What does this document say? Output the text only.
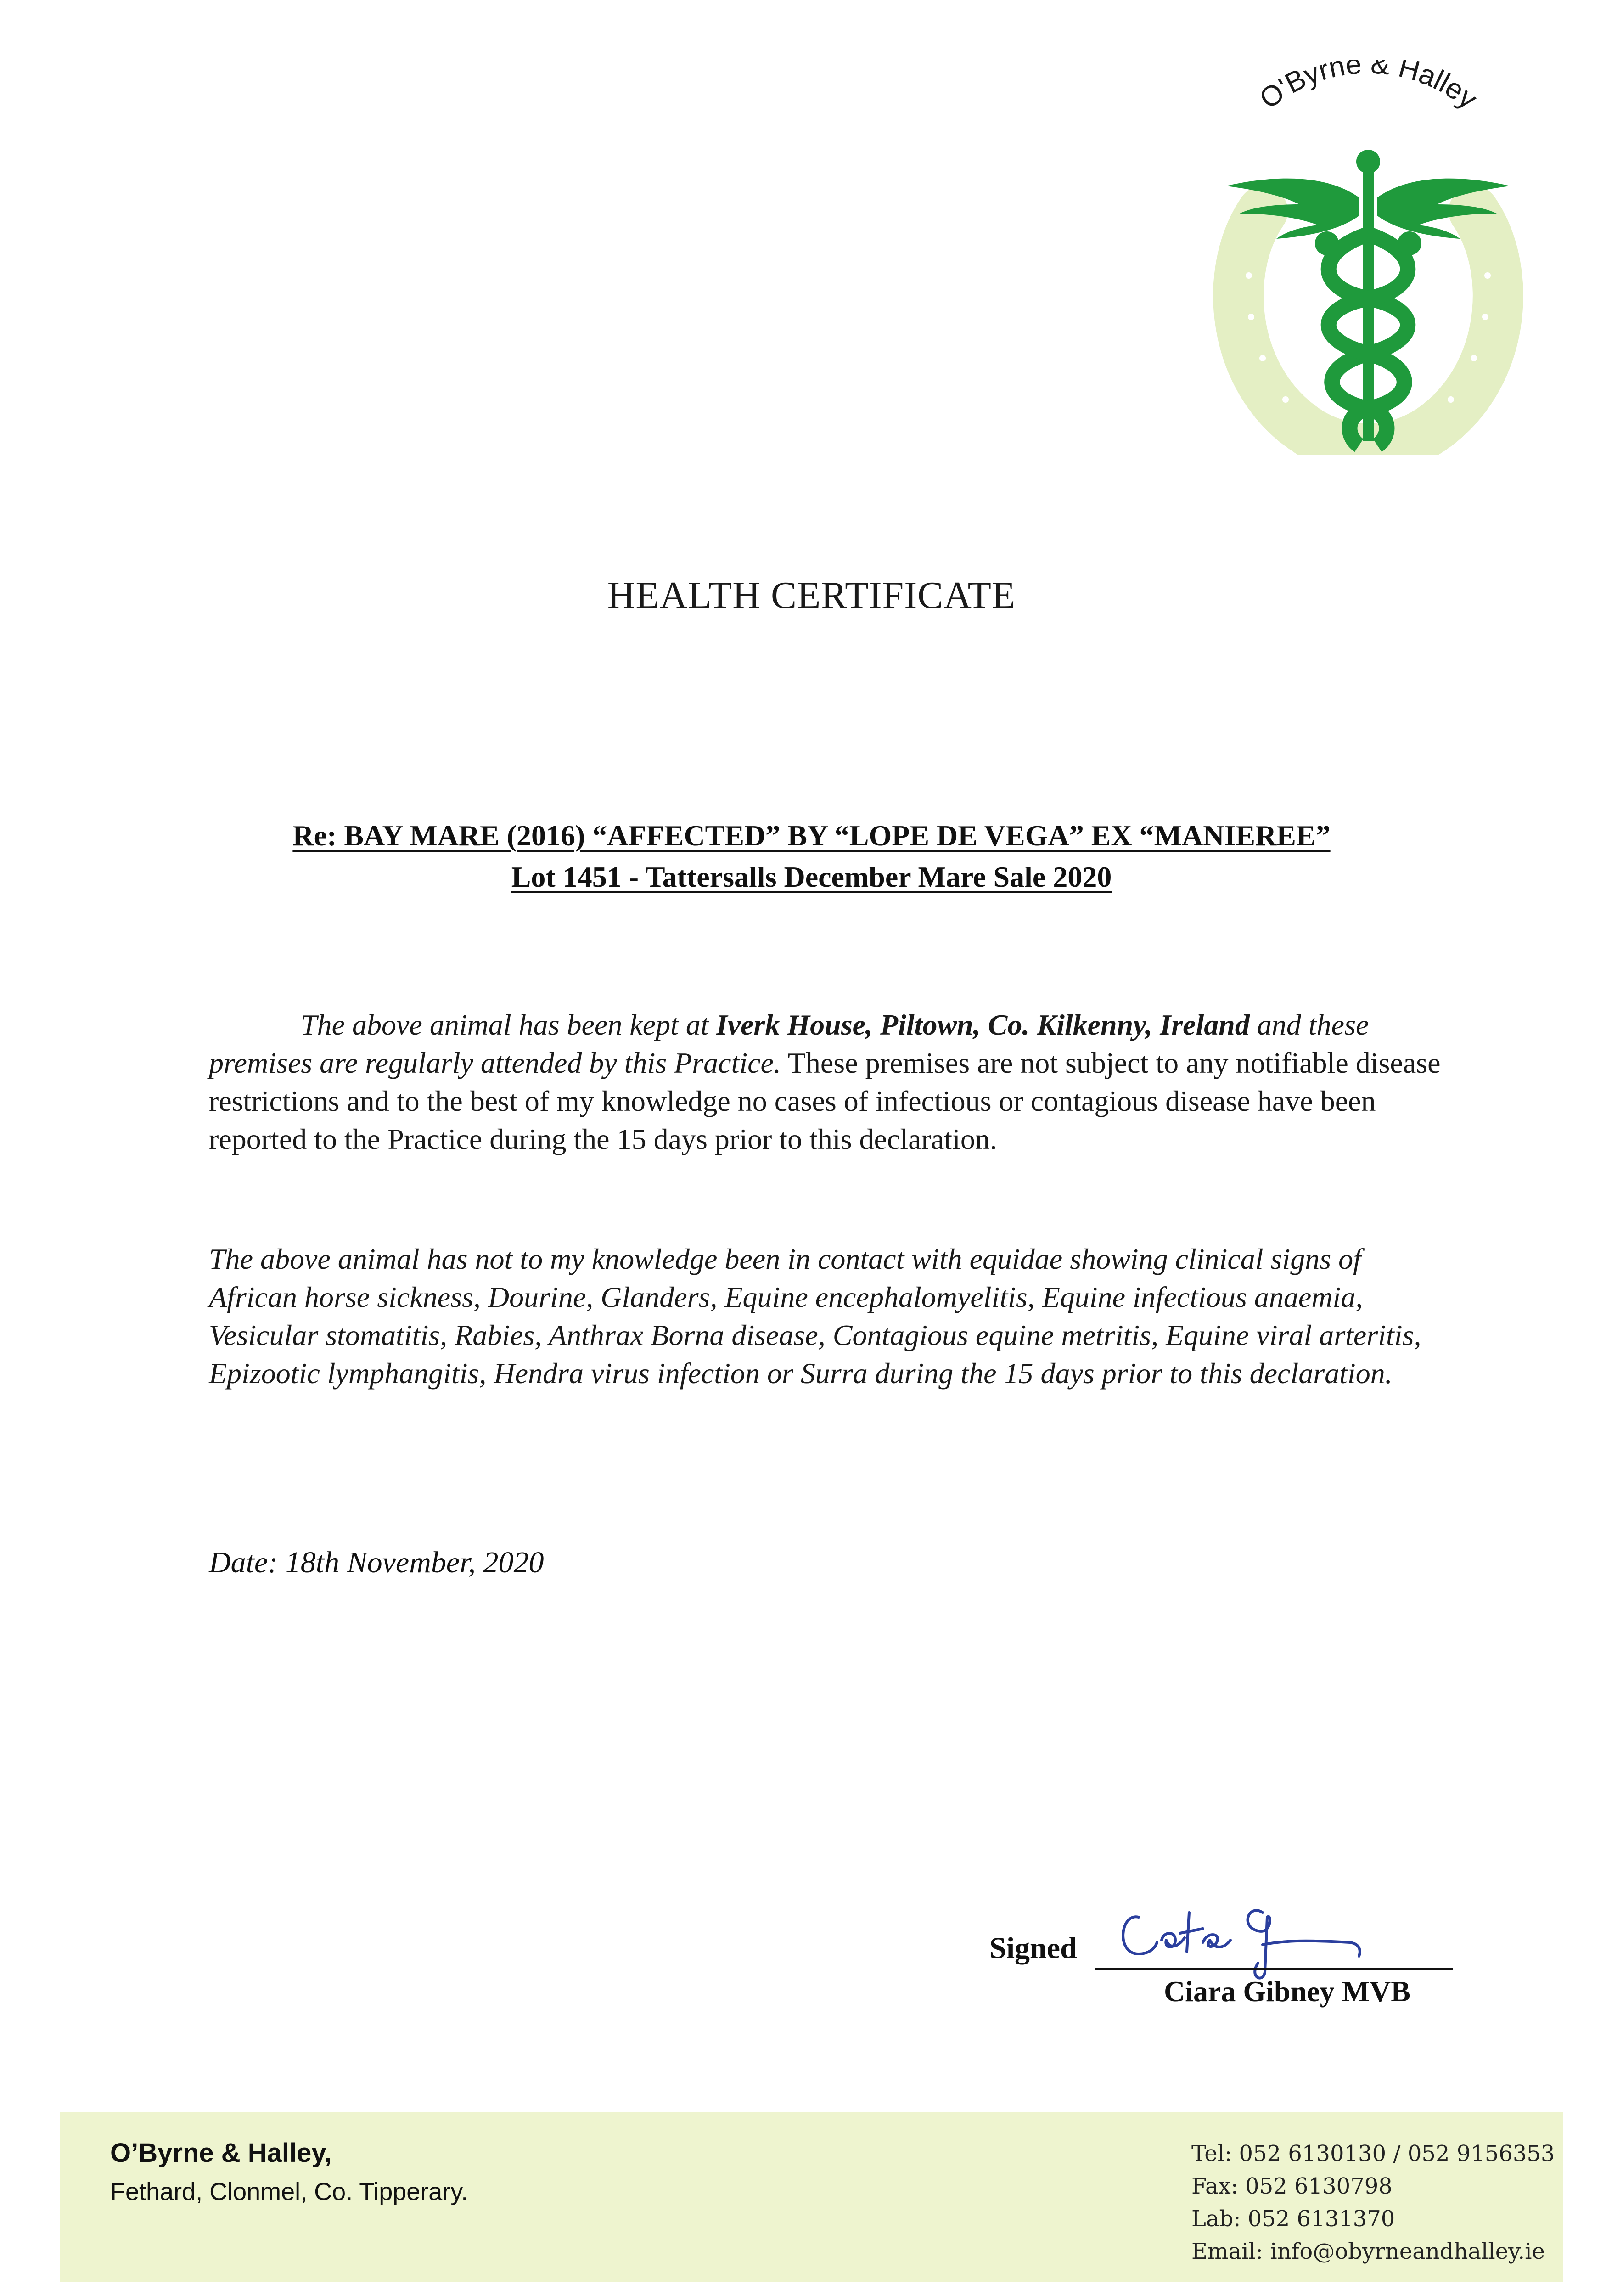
O'Byrne & Halley
HEALTH CERTIFICATE
Re: BAY MARE (2016) “AFFECTED” BY “LOPE DE VEGA” EX “MANIEREE”
Lot 1451 - Tattersalls December Mare Sale 2020
The above animal has been kept at Iverk House, Piltown, Co. Kilkenny, Ireland and these premises are regularly attended by this Practice. These premises are not subject to any notifiable disease restrictions and to the best of my knowledge no cases of infectious or contagious disease have been reported to the Practice during the 15 days prior to this declaration.
The above animal has not to my knowledge been in contact with equidae showing clinical signs of African horse sickness, Dourine, Glanders, Equine encephalomyelitis, Equine infectious anaemia, Vesicular stomatitis, Rabies, Anthrax Borna disease, Contagious equine metritis, Equine viral arteritis, Epizootic lymphangitis, Hendra virus infection or Surra during the 15 days prior to this declaration.
Date: 18th November, 2020
Signed
Ciara Gibney MVB
O’Byrne & Halley,
Fethard, Clonmel, Co. Tipperary.
Tel: 052 6130130 / 052 9156353
Fax: 052 6130798
Lab: 052 6131370
Email: info@obyrneandhalley.ie
